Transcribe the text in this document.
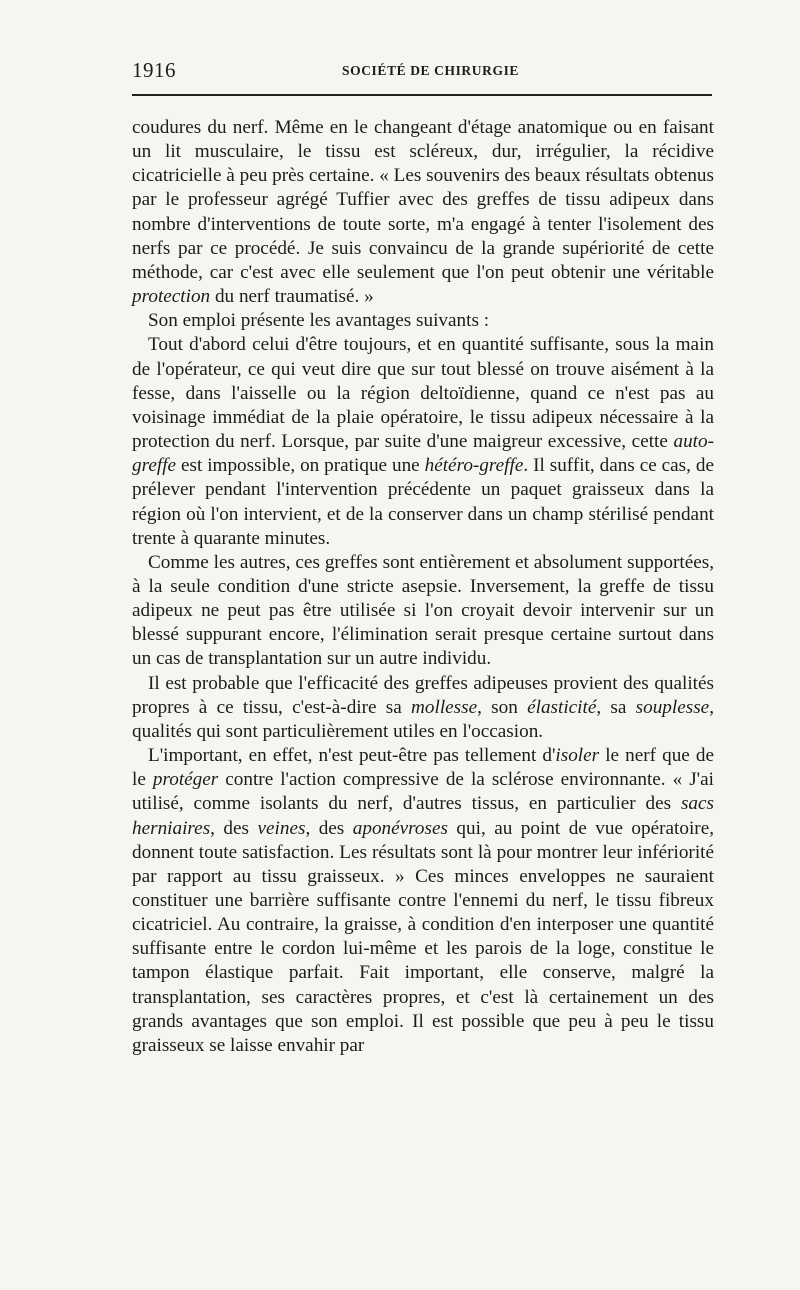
1916	SOCIÉTÉ DE CHIRURGIE

coudures du nerf. Même en le changeant d'étage anatomique ou en faisant un lit musculaire, le tissu est scléreux, dur, irrégulier, la récidive cicatricielle à peu près certaine. « Les souvenirs des beaux résultats obtenus par le professeur agrégé Tuffier avec des greffes de tissu adipeux dans nombre d'interventions de toute sorte, m'a engagé à tenter l'isolement des nerfs par ce procédé. Je suis convaincu de la grande supériorité de cette méthode, car c'est avec elle seulement que l'on peut obtenir une véritable protection du nerf traumatisé. »

Son emploi présente les avantages suivants :

Tout d'abord celui d'être toujours, et en quantité suffisante, sous la main de l'opérateur, ce qui veut dire que sur tout blessé on trouve aisément à la fesse, dans l'aisselle ou la région deltoïdienne, quand ce n'est pas au voisinage immédiat de la plaie opératoire, le tissu adipeux nécessaire à la protection du nerf. Lorsque, par suite d'une maigreur excessive, cette auto-greffe est impossible, on pratique une hétéro-greffe. Il suffit, dans ce cas, de prélever pendant l'intervention précédente un paquet graisseux dans la région où l'on intervient, et de la conserver dans un champ stérilisé pendant trente à quarante minutes.

Comme les autres, ces greffes sont entièrement et absolument supportées, à la seule condition d'une stricte asepsie. Inversement, la greffe de tissu adipeux ne peut pas être utilisée si l'on croyait devoir intervenir sur un blessé suppurant encore, l'élimination serait presque certaine surtout dans un cas de transplantation sur un autre individu.

Il est probable que l'efficacité des greffes adipeuses provient des qualités propres à ce tissu, c'est-à-dire sa mollesse, son élasticité, sa souplesse, qualités qui sont particulièrement utiles en l'occasion.

L'important, en effet, n'est peut-être pas tellement d'isoler le nerf que de le protéger contre l'action compressive de la sclérose environnante. « J'ai utilisé, comme isolants du nerf, d'autres tissus, en particulier des sacs herniaires, des veines, des aponévroses qui, au point de vue opératoire, donnent toute satisfaction. Les résultats sont là pour montrer leur infériorité par rapport au tissu graisseux. » Ces minces enveloppes ne sauraient constituer une barrière suffisante contre l'ennemi du nerf, le tissu fibreux cicatriciel. Au contraire, la graisse, à condition d'en interposer une quantité suffisante entre le cordon lui-même et les parois de la loge, constitue le tampon élastique parfait. Fait important, elle conserve, malgré la transplantation, ses caractères propres, et c'est là certainement un des grands avantages que son emploi. Il est possible que peu à peu le tissu graisseux se laisse envahir par
